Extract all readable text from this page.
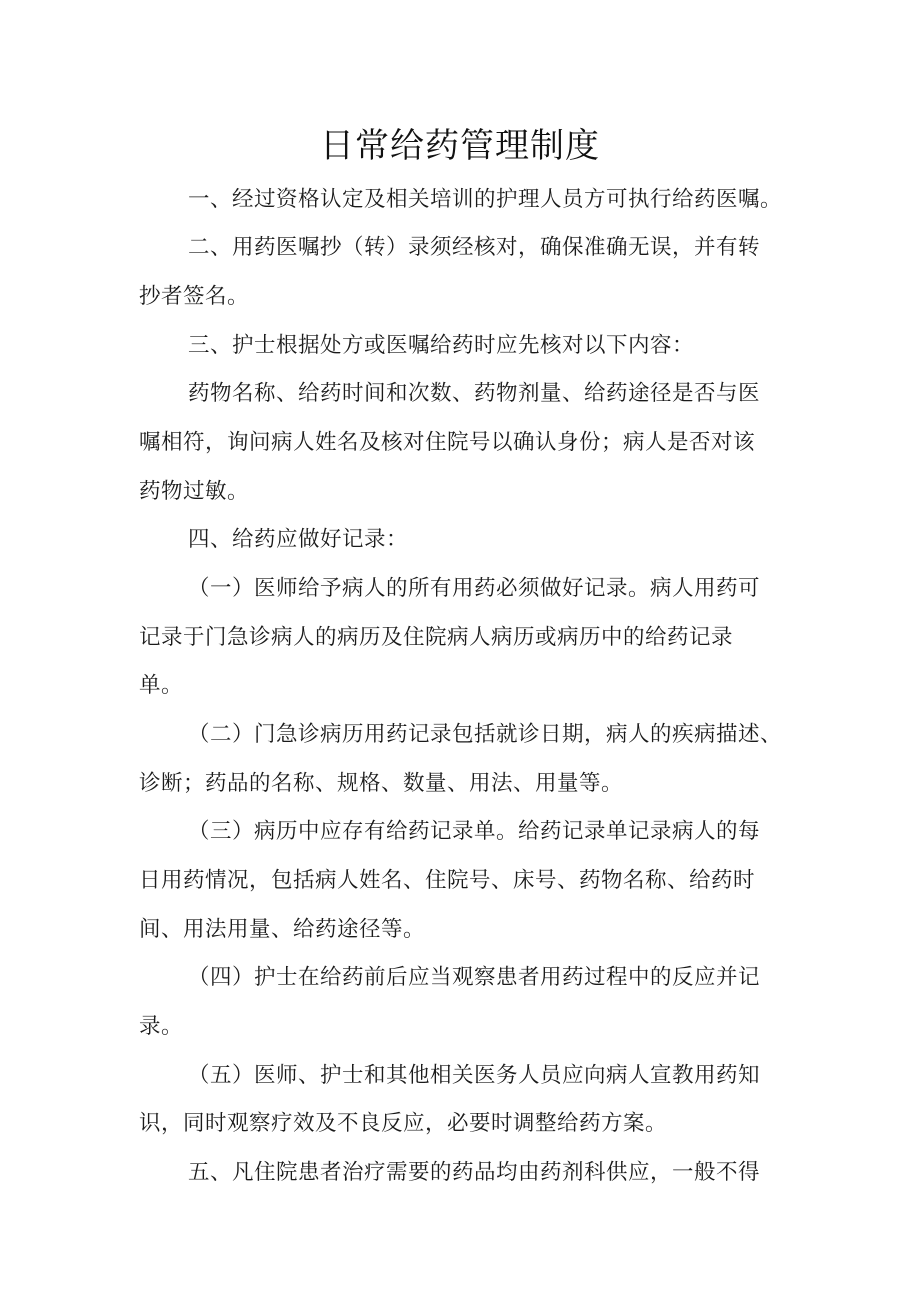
日常给药管理制度
一、经过资格认定及相关培训的护理人员方可执行给药医嘱。
二、用药医嘱抄（转）录须经核对，确保准确无误，并有转
抄者签名。
三、护士根据处方或医嘱给药时应先核对以下内容：
药物名称、给药时间和次数、药物剂量、给药途径是否与医
嘱相符，询问病人姓名及核对住院号以确认身份；病人是否对该
药物过敏。
四、给药应做好记录：
（一）医师给予病人的所有用药必须做好记录。病人用药可
记录于门急诊病人的病历及住院病人病历或病历中的给药记录
单。
（二）门急诊病历用药记录包括就诊日期，病人的疾病描述、
诊断；药品的名称、规格、数量、用法、用量等。
（三）病历中应存有给药记录单。给药记录单记录病人的每
日用药情况，包括病人姓名、住院号、床号、药物名称、给药时
间、用法用量、给药途径等。
（四）护士在给药前后应当观察患者用药过程中的反应并记
录。
（五）医师、护士和其他相关医务人员应向病人宣教用药知
识，同时观察疗效及不良反应，必要时调整给药方案。
五、凡住院患者治疗需要的药品均由药剂科供应，一般不得
